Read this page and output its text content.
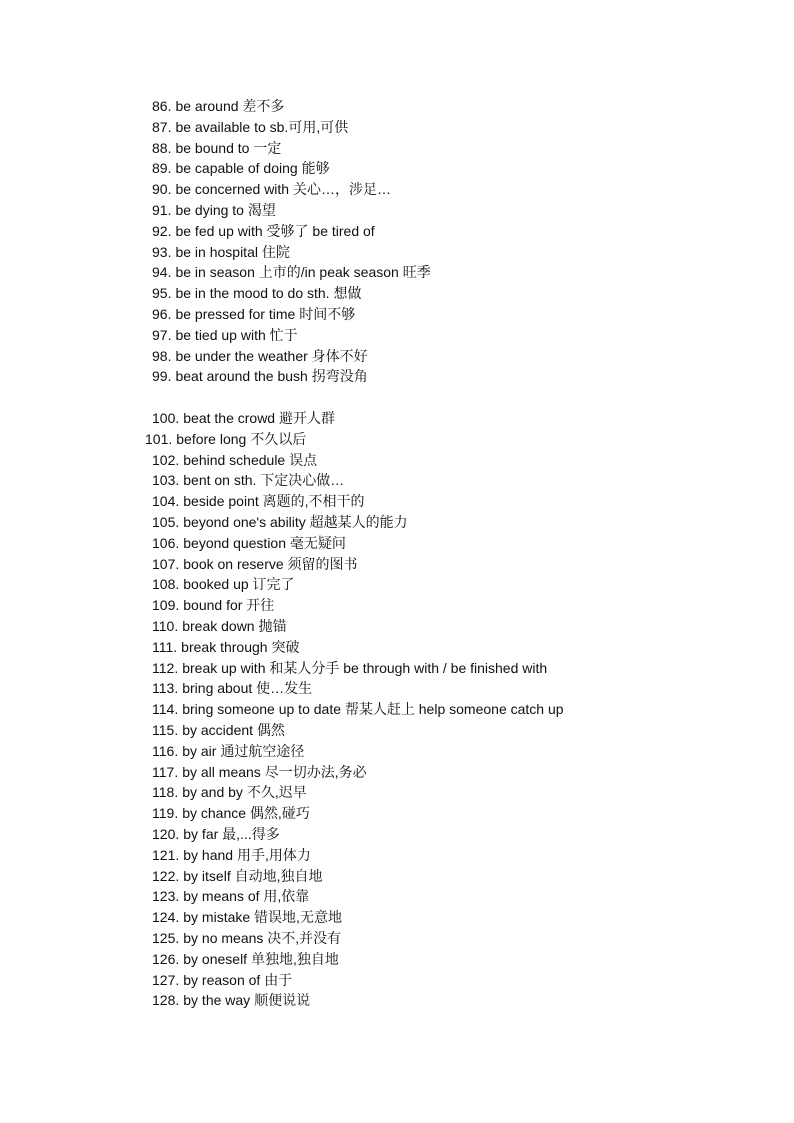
86. be around 差不多
87. be available to sb.可用,可供
88. be bound to 一定
89. be capable of doing 能够
90. be concerned with 关心…，涉足…
91. be dying to 渴望
92. be fed up with 受够了 be tired of
93. be in hospital 住院
94. be in season 上市的/in peak season 旺季
95. be in the mood to do sth. 想做
96. be pressed for time 时间不够
97. be tied up with 忙于
98. be under the weather 身体不好
99. beat around the bush 拐弯没角
100. beat the crowd 避开人群
101. before long 不久以后
102. behind schedule 误点
103. bent on sth. 下定决心做…
104. beside point 离题的,不相干的
105. beyond one's ability 超越某人的能力
106. beyond question 毫无疑问
107. book on reserve 须留的图书
108. booked up 订完了
109. bound for 开往
110. break down 抛锚
111. break through 突破
112. break up with 和某人分手 be through with / be finished with
113. bring about 使…发生
114. bring someone up to date 帮某人赶上 help someone catch up
115. by accident 偶然
116. by air 通过航空途径
117. by all means 尽一切办法,务必
118. by and by 不久,迟早
119. by chance 偶然,碰巧
120. by far 最,...得多
121. by hand 用手,用体力
122. by itself 自动地,独自地
123. by means of 用,依靠
124. by mistake 错误地,无意地
125. by no means 决不,并没有
126. by oneself 单独地,独自地
127. by reason of 由于
128. by the way 顺便说说
